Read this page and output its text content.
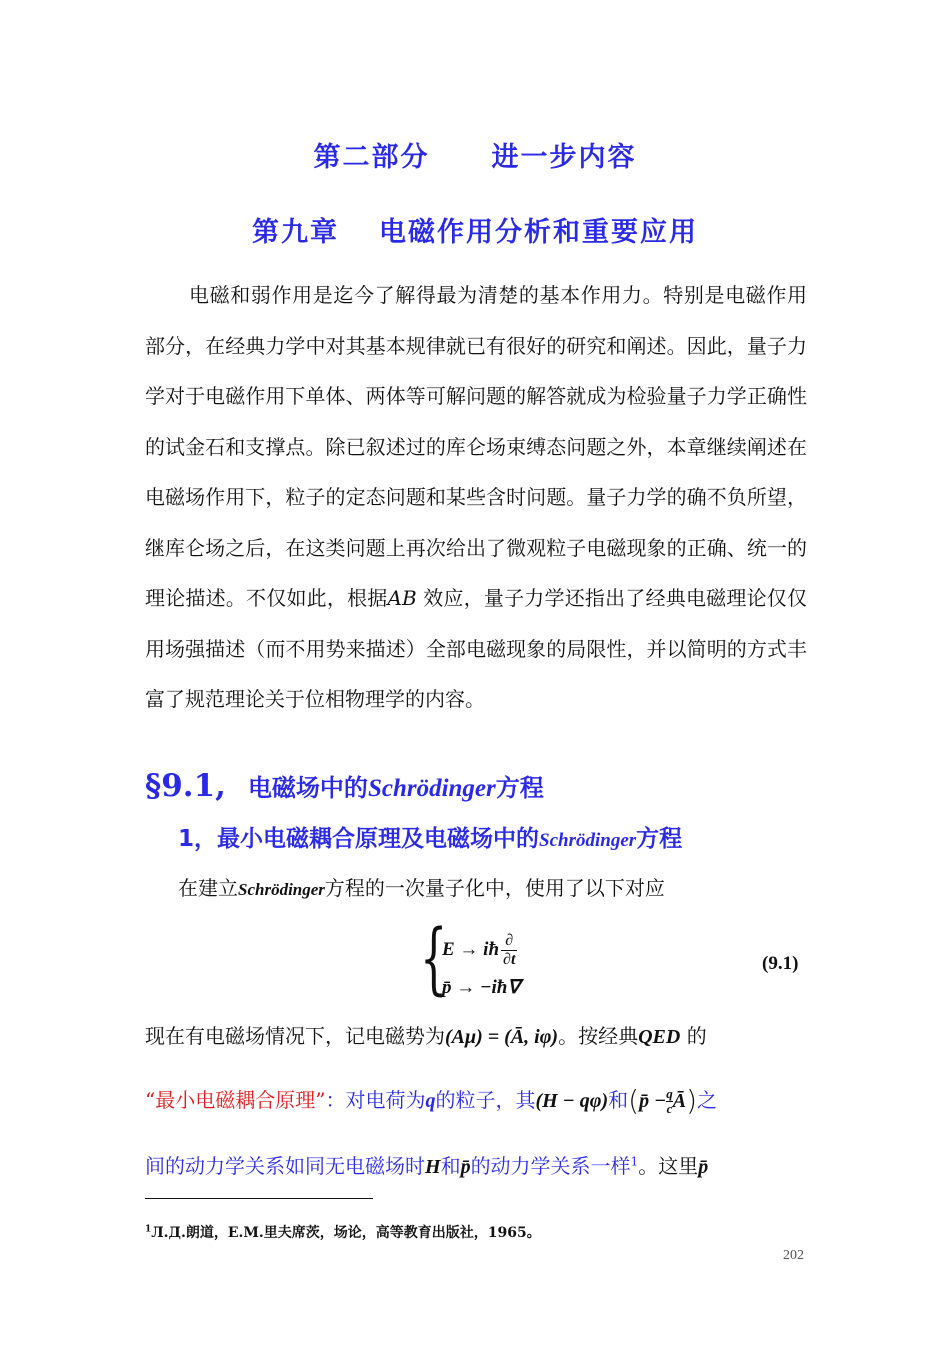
第二部分 进一步内容
第九章 电磁作用分析和重要应用

电磁和弱作用是迄今了解得最为清楚的基本作用力。特别是电磁作用部分，在经典力学中对其基本规律就已有很好的研究和阐述。因此，量子力学对于电磁作用下单体、两体等可解问题的解答就成为检验量子力学正确性的试金石和支撑点。除已叙述过的库仑场束缚态问题之外，本章继续阐述在电磁场作用下，粒子的定态问题和某些含时问题。量子力学的确不负所望，继库仑场之后，在这类问题上再次给出了微观粒子电磁现象的正确、统一的理论描述。不仅如此，根据AB 效应，量子力学还指出了经典电磁理论仅仅用场强描述（而不用势来描述）全部电磁现象的局限性，并以简明的方式丰富了规范理论关于位相物理学的内容。

§9.1, 电磁场中的Schrödinger方程
1，最小电磁耦合原理及电磁场中的Schrödinger方程

在建立Schrödinger方程的一次量子化中，使用了以下对应

{
E → iħ $\frac{\partial}{\partial t}$
p̄ → −iħ∇
(9.1)

现在有电磁场情况下，记电磁势为(Aμ) = (Ā, iφ)。按经典QED 的

“最小电磁耦合原理”：对电荷为q的粒子，其(H − qφ)和(p̄ − $\frac{q}{c}$ Ā)之

间的动力学关系如同无电磁场时H和p̄的动力学关系一样$^1$。这里p̄

$^1$Л.Д.朗道，E.M.里夫席茨，场论，高等教育出版社，1965。

202
